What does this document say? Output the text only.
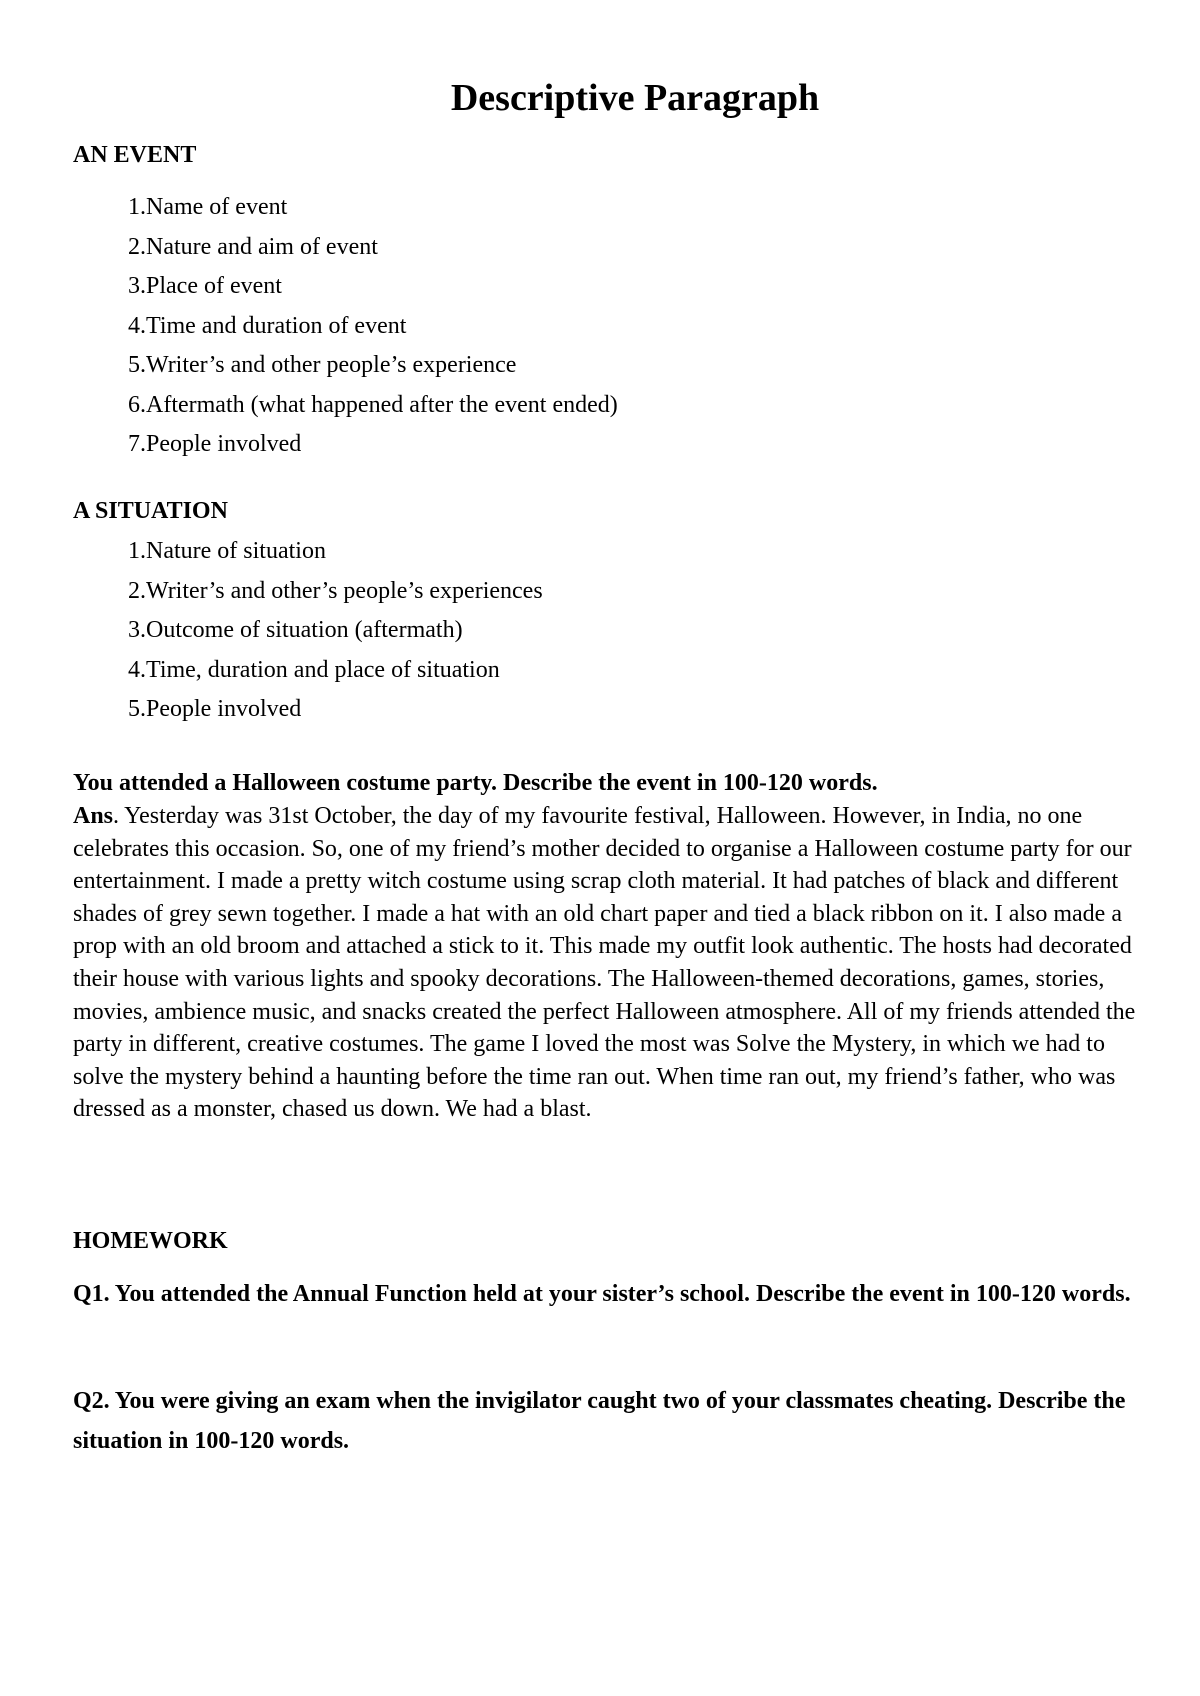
Descriptive Paragraph

AN EVENT

1.Name of event
2.Nature and aim of event
3.Place of event
4.Time and duration of event
5.Writer’s and other people’s experience
6.Aftermath (what happened after the event ended)
7.People involved

A SITUATION

1.Nature of situation
2.Writer’s and other’s people’s experiences
3.Outcome of situation (aftermath)
4.Time, duration and place of situation
5.People involved

You attended a Halloween costume party. Describe the event in 100-120 words.

Ans. Yesterday was 31st October, the day of my favourite festival, Halloween. However, in India, no one celebrates this occasion. So, one of my friend’s mother decided to organise a Halloween costume party for our entertainment. I made a pretty witch costume using scrap cloth material. It had patches of black and different shades of grey sewn together. I made a hat with an old chart paper and tied a black ribbon on it. I also made a prop with an old broom and attached a stick to it. This made my outfit look authentic. The hosts had decorated their house with various lights and spooky decorations. The Halloween-themed decorations, games, stories, movies, ambience music, and snacks created the perfect Halloween atmosphere. All of my friends attended the party in different, creative costumes. The game I loved the most was Solve the Mystery, in which we had to solve the mystery behind a haunting before the time ran out. When time ran out, my friend’s father, who was dressed as a monster, chased us down. We had a blast.

HOMEWORK

Q1. You attended the Annual Function held at your sister’s school. Describe the event in 100-120 words.

Q2. You were giving an exam when the invigilator caught two of your classmates cheating. Describe the situation in 100-120 words.
